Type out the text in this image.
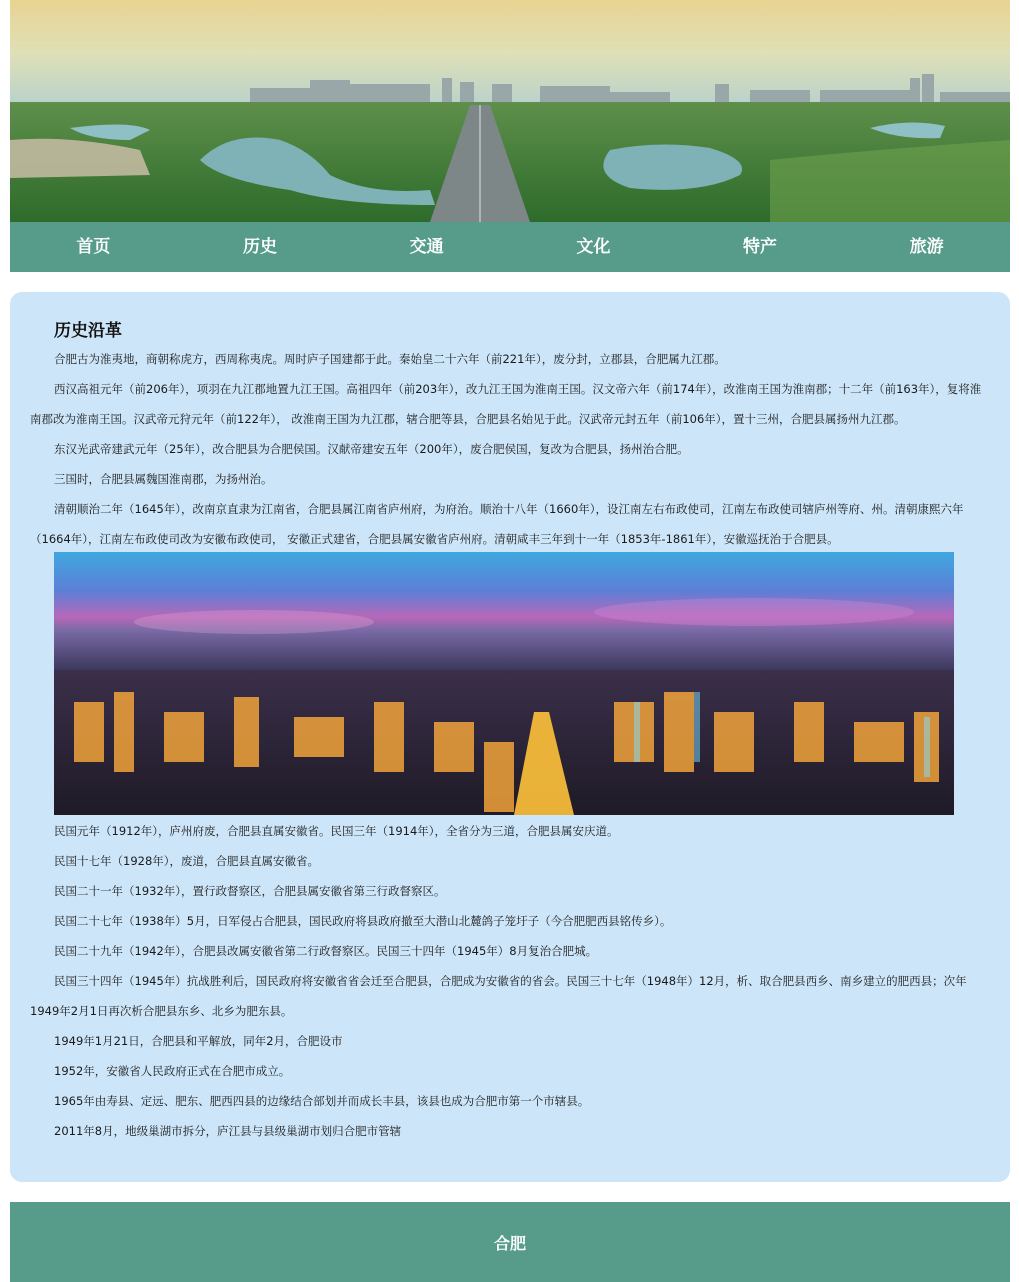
首页	历史	交通	文化	特产	旅游
历史沿革

合肥古为淮夷地，商朝称虎方，西周称夷虎。周时庐子国建都于此。秦始皇二十六年（前221年），废分封，立郡县，合肥属九江郡。

西汉高祖元年（前206年），项羽在九江郡地置九江王国。高祖四年（前203年），改九江王国为淮南王国。汉文帝六年（前174年），改淮南王国为淮南郡；十二年（前163年），复将淮南郡改为淮南王国。汉武帝元狩元年（前122年）， 改淮南王国为九江郡，辖合肥等县，合肥县名始见于此。汉武帝元封五年（前106年），置十三州，合肥县属扬州九江郡。

东汉光武帝建武元年（25年），改合肥县为合肥侯国。汉献帝建安五年（200年），废合肥侯国，复改为合肥县，扬州治合肥。

三国时，合肥县属魏国淮南郡，为扬州治。

清朝顺治二年（1645年），改南京直隶为江南省，合肥县属江南省庐州府，为府治。顺治十八年（1660年），设江南左右布政使司，江南左布政使司辖庐州等府、州。清朝康熙六年（1664年），江南左布政使司改为安徽布政使司， 安徽正式建省，合肥县属安徽省庐州府。清朝咸丰三年到十一年（1853年-1861年），安徽巡抚治于合肥县。

民国元年（1912年），庐州府废，合肥县直属安徽省。民国三年（1914年），全省分为三道，合肥县属安庆道。

民国十七年（1928年），废道，合肥县直属安徽省。

民国二十一年（1932年），置行政督察区，合肥县属安徽省第三行政督察区。

民国二十七年（1938年）5月，日军侵占合肥县，国民政府将县政府撤至大潜山北麓鸽子笼圩子（今合肥肥西县铭传乡）。

民国二十九年（1942年），合肥县改属安徽省第二行政督察区。民国三十四年（1945年）8月复治合肥城。

民国三十四年（1945年）抗战胜利后，国民政府将安徽省省会迁至合肥县，合肥成为安徽省的省会。民国三十七年（1948年）12月，析、取合肥县西乡、南乡建立的肥西县；次年1949年2月1日再次析合肥县东乡、北乡为肥东县。

1949年1月21日，合肥县和平解放，同年2月，合肥设市

1952年，安徽省人民政府正式在合肥市成立。

1965年由寿县、定远、肥东、肥西四县的边缘结合部划并而成长丰县，该县也成为合肥市第一个市辖县。

2011年8月，地级巢湖市拆分，庐江县与县级巢湖市划归合肥市管辖

合肥
